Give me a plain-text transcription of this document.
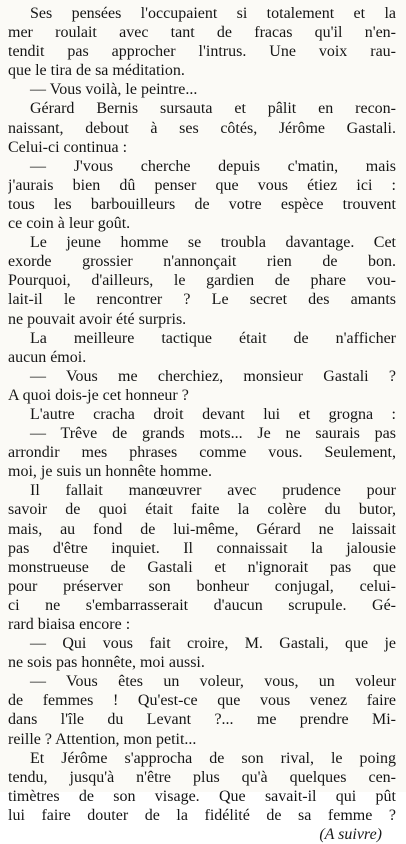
Ses pensées l'occupaient si totalement et la
mer roulait avec tant de fracas qu'il n'en-
tendit pas approcher l'intrus. Une voix rau-
que le tira de sa méditation.
— Vous voilà, le peintre...
Gérard Bernis sursauta et pâlit en recon-
naissant, debout à ses côtés, Jérôme Gastali.
Celui-ci continua :
— J'vous cherche depuis c'matin, mais
j'aurais bien dû penser que vous étiez ici :
tous les barbouilleurs de votre espèce trouvent
ce coin à leur goût.
Le jeune homme se troubla davantage. Cet
exorde grossier n'annonçait rien de bon.
Pourquoi, d'ailleurs, le gardien de phare vou-
lait-il le rencontrer ? Le secret des amants
ne pouvait avoir été surpris.
La meilleure tactique était de n'afficher
aucun émoi.
— Vous me cherchiez, monsieur Gastali ?
A quoi dois-je cet honneur ?
L'autre cracha droit devant lui et grogna :
— Trêve de grands mots... Je ne saurais pas
arrondir mes phrases comme vous. Seulement,
moi, je suis un honnête homme.
Il fallait manœuvrer avec prudence pour
savoir de quoi était faite la colère du butor,
mais, au fond de lui-même, Gérard ne laissait
pas d'être inquiet. Il connaissait la jalousie
monstrueuse de Gastali et n'ignorait pas que
pour préserver son bonheur conjugal, celui-
ci ne s'embarrasserait d'aucun scrupule. Gé-
rard biaisa encore :
— Qui vous fait croire, M. Gastali, que je
ne sois pas honnête, moi aussi.
— Vous êtes un voleur, vous, un voleur
de femmes ! Qu'est-ce que vous venez faire
dans l'île du Levant ?... me prendre Mi-
reille ? Attention, mon petit...
Et Jérôme s'approcha de son rival, le poing
tendu, jusqu'à n'être plus qu'à quelques cen-
timètres de son visage. Que savait-il qui pût
lui faire douter de la fidélité de sa femme ?
(A suivre)
